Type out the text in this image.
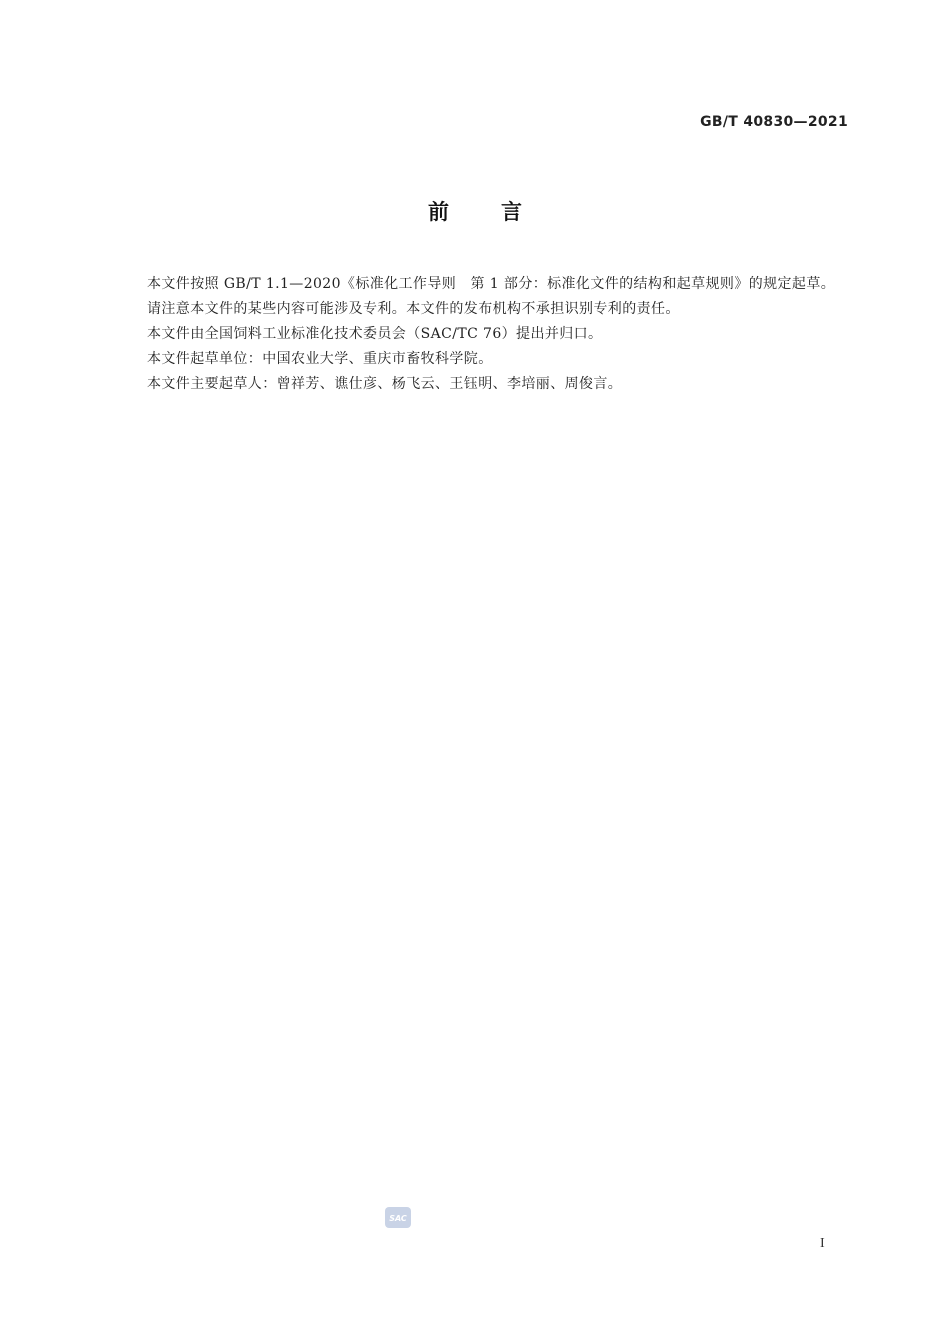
GB/T 40830—2021
前言

本文件按照 GB/T 1.1—2020《标准化工作导则　第 1 部分：标准化文件的结构和起草规则》的规定起草。

请注意本文件的某些内容可能涉及专利。本文件的发布机构不承担识别专利的责任。

本文件由全国饲料工业标准化技术委员会（SAC/TC 76）提出并归口。

本文件起草单位：中国农业大学、重庆市畜牧科学院。

本文件主要起草人：曾祥芳、谯仕彦、杨飞云、王钰明、李培丽、周俊言。

SAC
I
